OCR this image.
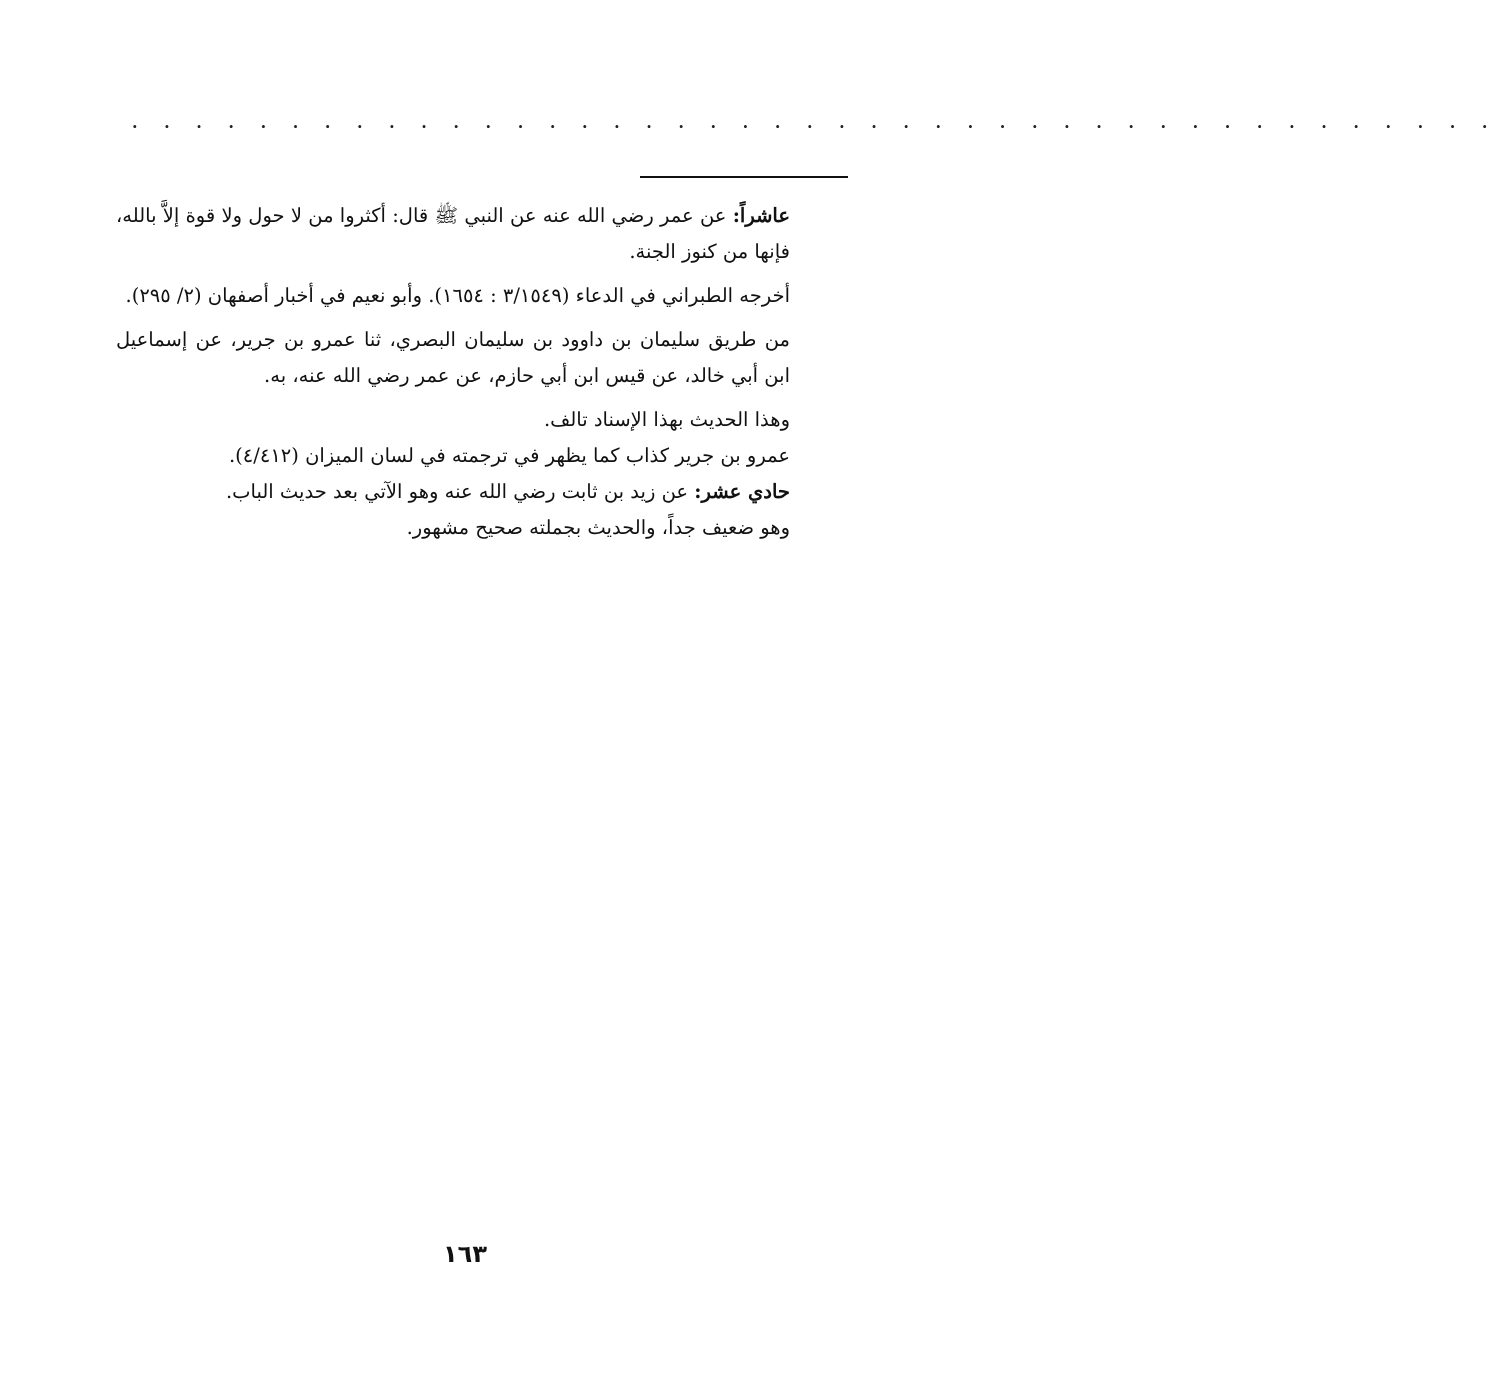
. . . . . . . . . . . . . . . . . . . . . . . . . . . . . . . . . . . . . . . . . . .

عاشراً: عن عمر رضي الله عنه عن النبي ﷺ قال: أكثروا من لا حول ولا قوة إلاَّ بالله، فإنها من كنوز الجنة.

أخرجه الطبراني في الدعاء (٣/١٥٤٩ : ١٦٥٤). وأبو نعيم في أخبار أصفهان (٢/ ٢٩٥).

من طريق سليمان بن داوود بن سليمان البصري، ثنا عمرو بن جرير، عن إسماعيل ابن أبي خالد، عن قيس ابن أبي حازم، عن عمر رضي الله عنه، به.

وهذا الحديث بهذا الإسناد تالف.

عمرو بن جرير كذاب كما يظهر في ترجمته في لسان الميزان (٤/٤١٢).

حادي عشر: عن زيد بن ثابت رضي الله عنه وهو الآتي بعد حديث الباب.

وهو ضعيف جداً، والحديث بجملته صحيح مشهور.

١٦٣
